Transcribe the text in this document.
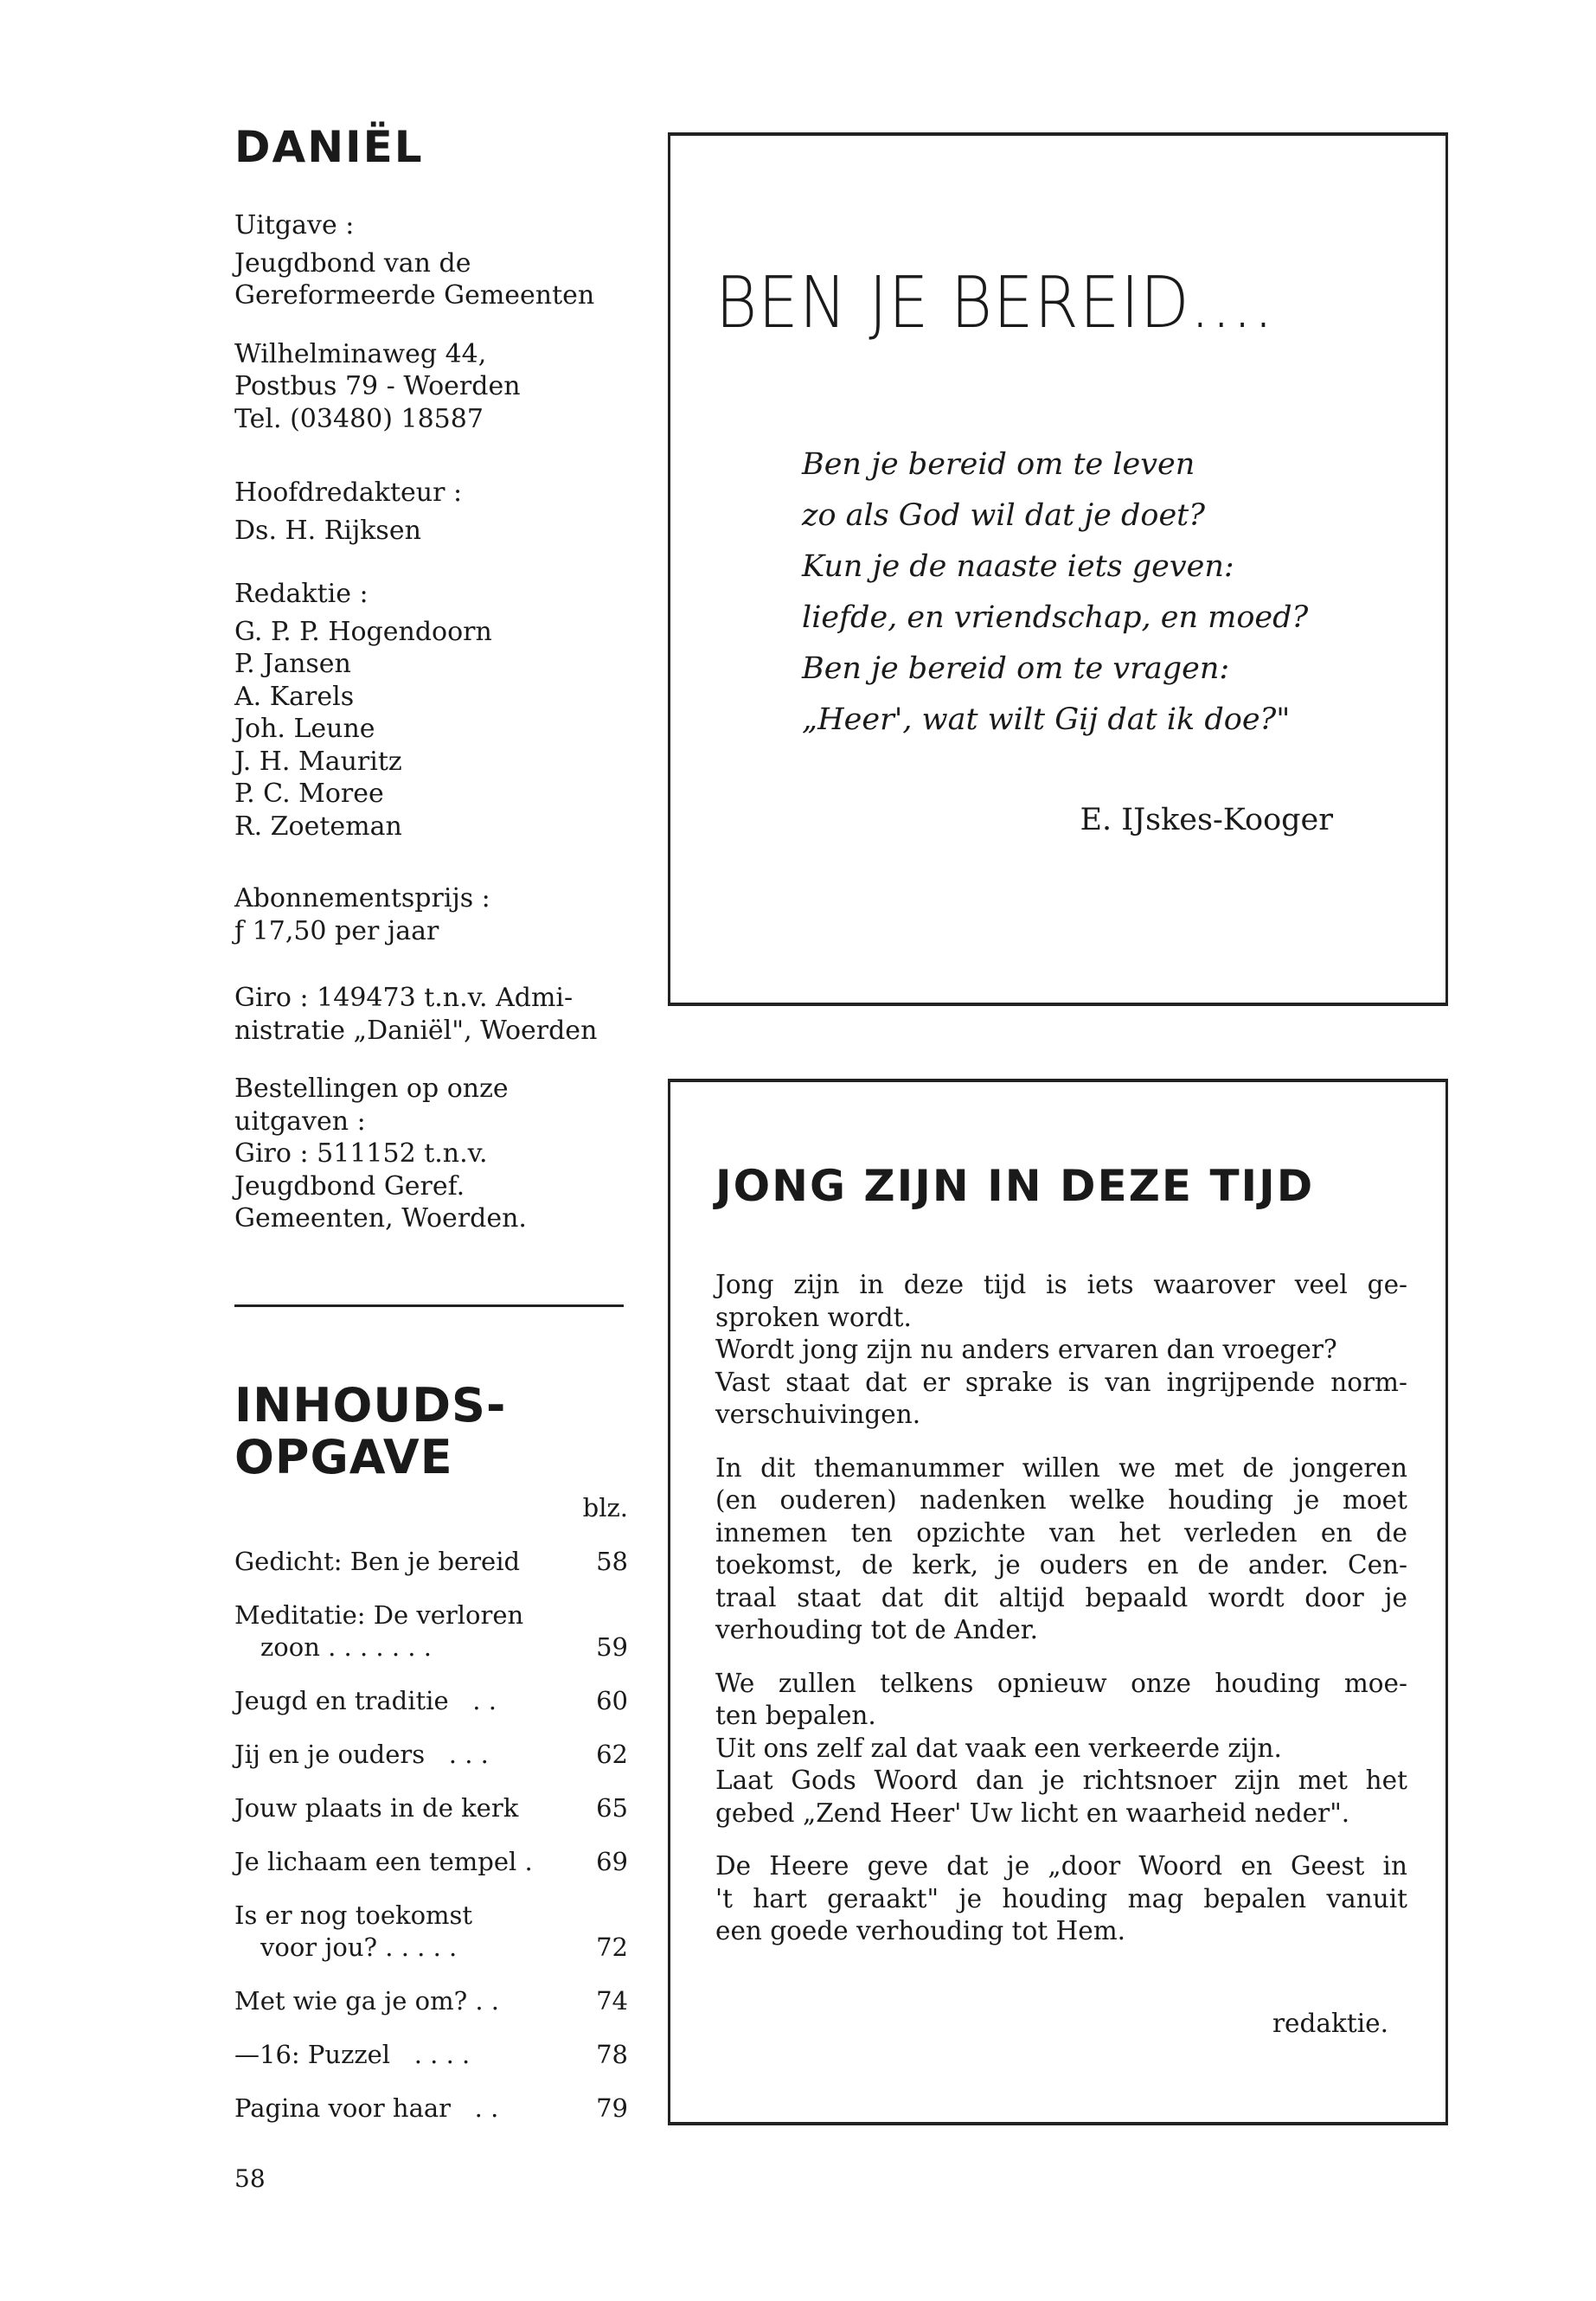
DANIËL
Uitgave :
Jeugdbond van de
Gereformeerde Gemeenten
Wilhelminaweg 44,
Postbus 79 - Woerden
Tel. (03480) 18587
Hoofdredakteur :
Ds. H. Rijksen
Redaktie :
G. P. P. Hogendoorn
P. Jansen
A. Karels
Joh. Leune
J. H. Mauritz
P. C. Moree
R. Zoeteman
Abonnementsprijs :
ƒ 17,50 per jaar
Giro : 149473 t.n.v. Admi-
nistratie „Daniël", Woerden
Bestellingen op onze
uitgaven :
Giro : 511152 t.n.v.
Jeugdbond Geref.
Gemeenten, Woerden.
INHOUDS-
OPGAVE
blz.
Gedicht: Ben je bereid	58
Meditatie: De verloren
zoon . . . . . . .	59
Jeugd en traditie   . .	60
Jij en je ouders   . . .	62
Jouw plaats in de kerk	65
Je lichaam een tempel .	69
Is er nog toekomst
voor jou? . . . . .	72
Met wie ga je om? . .	74
—16: Puzzel   . . . .	78
Pagina voor haar   . .	79
58
BEN JE BEREID....
Ben je bereid om te leven
zo als God wil dat je doet?
Kun je de naaste iets geven:
liefde, en vriendschap, en moed?
Ben je bereid om te vragen:
„Heer', wat wilt Gij dat ik doe?"
E. IJskes-Kooger
JONG ZIJN IN DEZE TIJD
Jong zijn in deze tijd is iets waarover veel ge-
sproken wordt.
Wordt jong zijn nu anders ervaren dan vroeger?
Vast staat dat er sprake is van ingrijpende norm-
verschuivingen.
In dit themanummer willen we met de jongeren
(en ouderen) nadenken welke houding je moet
innemen ten opzichte van het verleden en de
toekomst, de kerk, je ouders en de ander. Cen-
traal staat dat dit altijd bepaald wordt door je
verhouding tot de Ander.
We zullen telkens opnieuw onze houding moe-
ten bepalen.
Uit ons zelf zal dat vaak een verkeerde zijn.
Laat Gods Woord dan je richtsnoer zijn met het
gebed „Zend Heer' Uw licht en waarheid neder".
De Heere geve dat je „door Woord en Geest in
't hart geraakt" je houding mag bepalen vanuit
een goede verhouding tot Hem.
redaktie.
